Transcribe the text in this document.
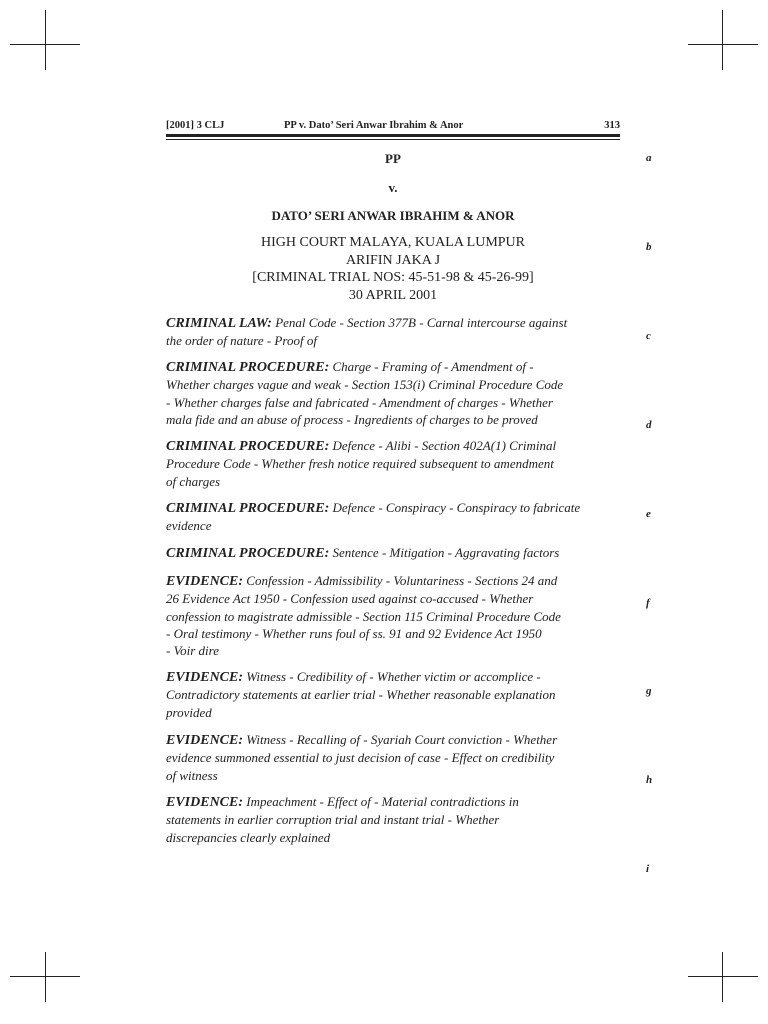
[2001] 3 CLJ	PP v. Dato’ Seri Anwar Ibrahim & Anor	313
PP
v.
DATO’ SERI ANWAR IBRAHIM & ANOR
HIGH COURT MALAYA, KUALA LUMPUR
ARIFIN JAKA J
[CRIMINAL TRIAL NOS: 45-51-98 & 45-26-99]
30 APRIL 2001
a
b
c
d
e
f
g
h
i
CRIMINAL LAW: Penal Code - Section 377B - Carnal intercourse against
the order of nature - Proof of
CRIMINAL PROCEDURE: Charge - Framing of - Amendment of -
Whether charges vague and weak - Section 153(i) Criminal Procedure Code
- Whether charges false and fabricated - Amendment of charges - Whether
mala fide and an abuse of process - Ingredients of charges to be proved
CRIMINAL PROCEDURE: Defence - Alibi - Section 402A(1) Criminal
Procedure Code - Whether fresh notice required subsequent to amendment
of charges
CRIMINAL PROCEDURE: Defence - Conspiracy - Conspiracy to fabricate
evidence
CRIMINAL PROCEDURE: Sentence - Mitigation - Aggravating factors
EVIDENCE: Confession - Admissibility - Voluntariness - Sections 24 and
26 Evidence Act 1950 - Confession used against co-accused - Whether
confession to magistrate admissible - Section 115 Criminal Procedure Code
- Oral testimony - Whether runs foul of ss. 91 and 92 Evidence Act 1950
- Voir dire
EVIDENCE: Witness - Credibility of - Whether victim or accomplice -
Contradictory statements at earlier trial - Whether reasonable explanation
provided
EVIDENCE: Witness - Recalling of - Syariah Court conviction - Whether
evidence summoned essential to just decision of case - Effect on credibility
of witness
EVIDENCE: Impeachment - Effect of - Material contradictions in
statements in earlier corruption trial and instant trial - Whether
discrepancies clearly explained
